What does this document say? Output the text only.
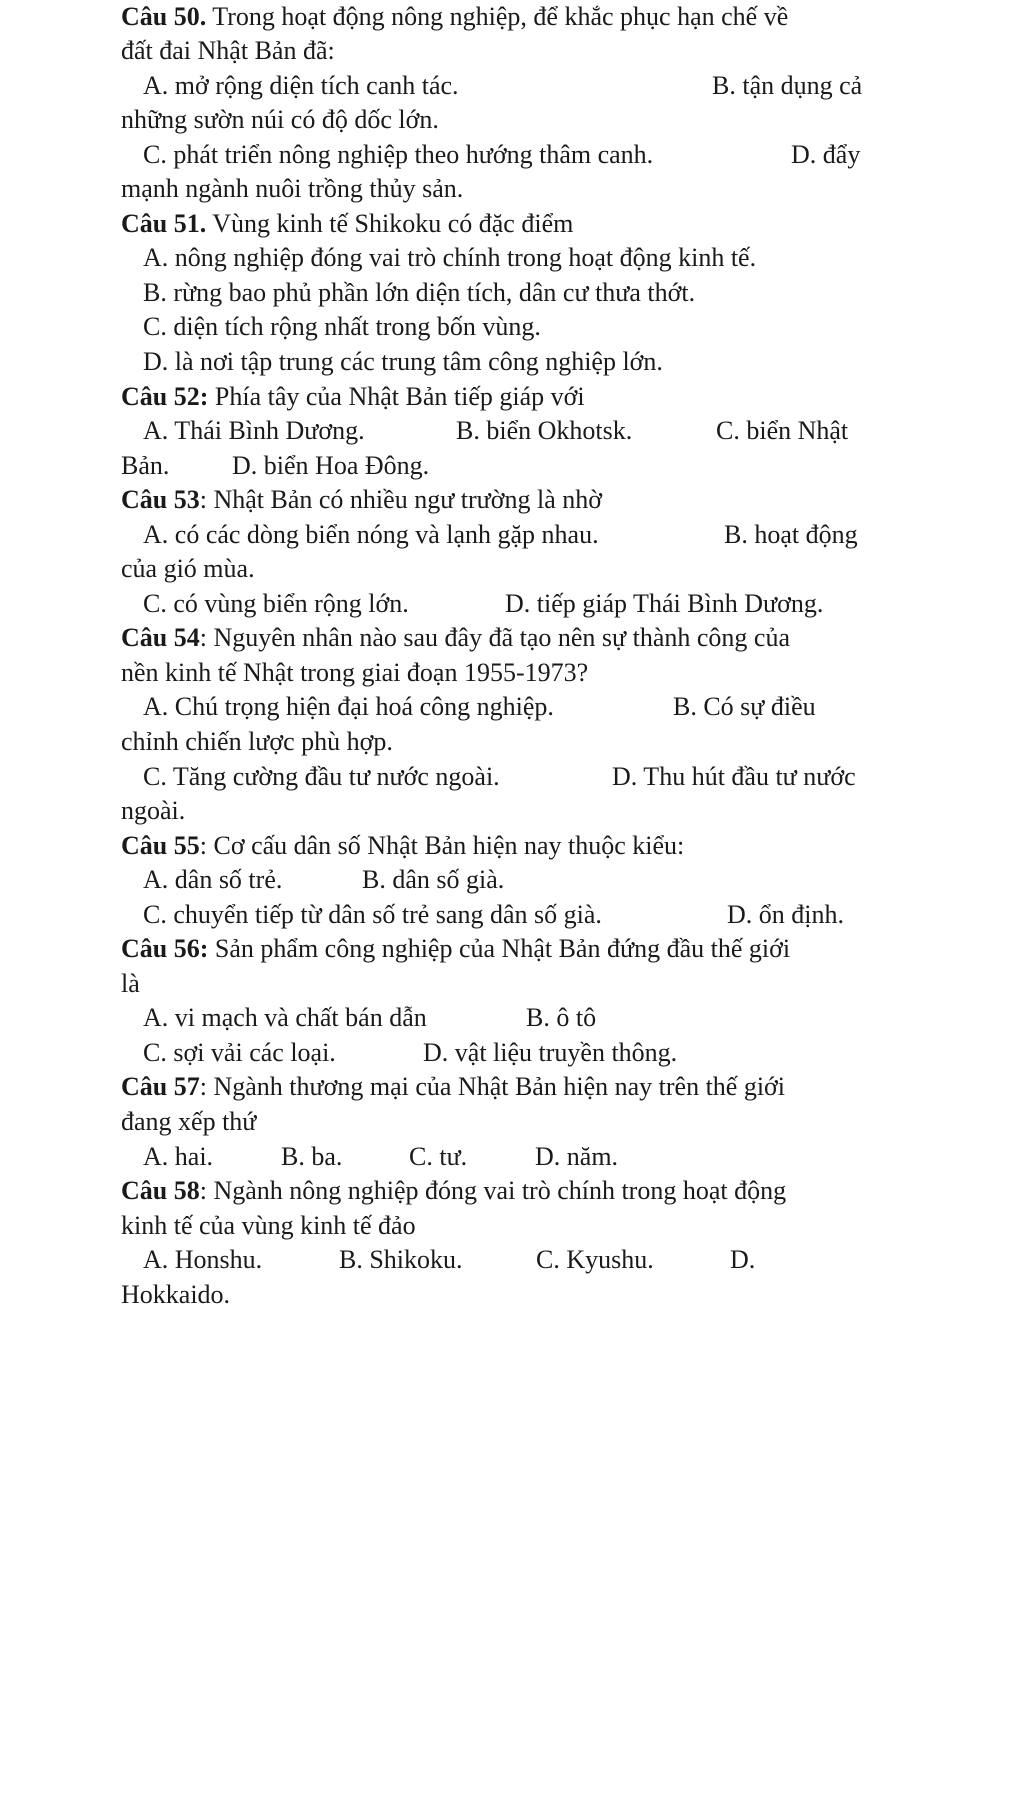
Câu 50. Trong hoạt động nông nghiệp, để khắc phục hạn chế về
đất đai Nhật Bản đã:
A. mở rộng diện tích canh tác.	B. tận dụng cả
những sườn núi có độ dốc lớn.
C. phát triển nông nghiệp theo hướng thâm canh.	D. đẩy
mạnh ngành nuôi trồng thủy sản.
Câu 51. Vùng kinh tế Shikoku có đặc điểm
A. nông nghiệp đóng vai trò chính trong hoạt động kinh tế.
B. rừng bao phủ phần lớn diện tích, dân cư thưa thớt.
C. diện tích rộng nhất trong bốn vùng.
D. là nơi tập trung các trung tâm công nghiệp lớn.
Câu 52: Phía tây của Nhật Bản tiếp giáp với
A. Thái Bình Dương.	B. biển Okhotsk.	C. biển Nhật
Bản. D. biển Hoa Đông.
Câu 53: Nhật Bản có nhiều ngư trường là nhờ
A. có các dòng biển nóng và lạnh gặp nhau.	B. hoạt động
của gió mùa.
C. có vùng biển rộng lớn.	D. tiếp giáp Thái Bình Dương.
Câu 54: Nguyên nhân nào sau đây đã tạo nên sự thành công của
nền kinh tế Nhật trong giai đoạn 1955-1973?
A. Chú trọng hiện đại hoá công nghiệp.	B. Có sự điều
chỉnh chiến lược phù hợp.
C. Tăng cường đầu tư nước ngoài.	D. Thu hút đầu tư nước
ngoài.
Câu 55: Cơ cấu dân số Nhật Bản hiện nay thuộc kiểu:
A. dân số trẻ.	B. dân số già.
C. chuyển tiếp từ dân số trẻ sang dân số già.	D. ổn định.
Câu 56: Sản phẩm công nghiệp của Nhật Bản đứng đầu thế giới
là
A. vi mạch và chất bán dẫn	B. ô tô
C. sợi vải các loại.	D. vật liệu truyền thông.
Câu 57: Ngành thương mại của Nhật Bản hiện nay trên thế giới
đang xếp thứ
A. hai.	B. ba.	C. tư.	D. năm.
Câu 58: Ngành nông nghiệp đóng vai trò chính trong hoạt động
kinh tế của vùng kinh tế đảo
A. Honshu.	B. Shikoku.	C. Kyushu.	D.
Hokkaido.
